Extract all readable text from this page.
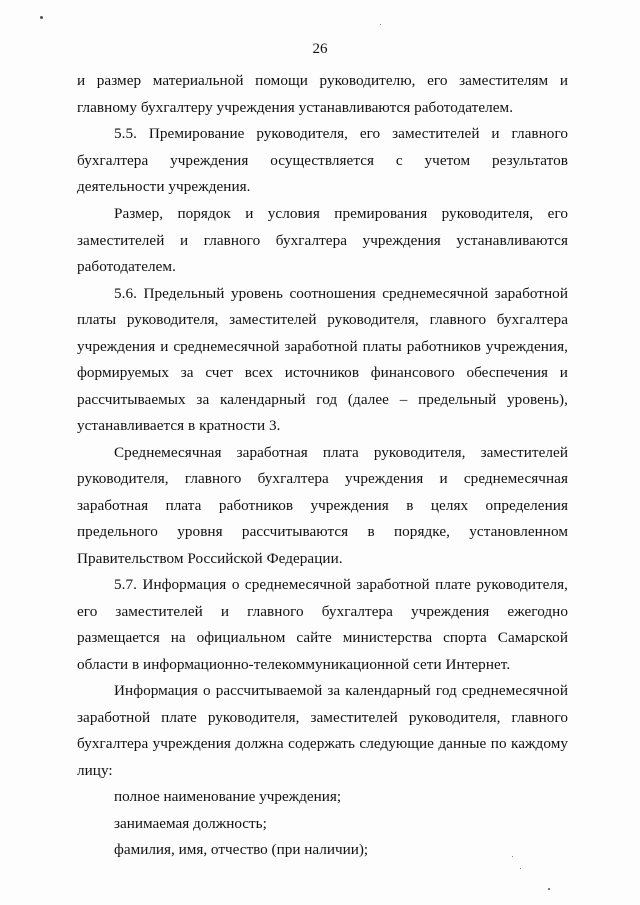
26

и размер материальной помощи руководителю, его заместителям и главному бухгалтеру учреждения устанавливаются работодателем.

5.5. Премирование руководителя, его заместителей и главного бухгалтера учреждения осуществляется с учетом результатов деятельности учреждения.

Размер, порядок и условия премирования руководителя, его заместителей и главного бухгалтера учреждения устанавливаются работодателем.

5.6. Предельный уровень соотношения среднемесячной заработной платы руководителя, заместителей руководителя, главного бухгалтера учреждения и среднемесячной заработной платы работников учреждения, формируемых за счет всех источников финансового обеспечения и рассчитываемых за календарный год (далее – предельный уровень), устанавливается в кратности 3.

Среднемесячная заработная плата руководителя, заместителей руководителя, главного бухгалтера учреждения и среднемесячная заработная плата работников учреждения в целях определения предельного уровня рассчитываются в порядке, установленном Правительством Российской Федерации.

5.7. Информация о среднемесячной заработной плате руководителя, его заместителей и главного бухгалтера учреждения ежегодно размещается на официальном сайте министерства спорта Самарской области в информационно-телекоммуникационной сети Интернет.

Информация о рассчитываемой за календарный год среднемесячной заработной плате руководителя, заместителей руководителя, главного бухгалтера учреждения должна содержать следующие данные по каждому лицу:

полное наименование учреждения;

занимаемая должность;

фамилия, имя, отчество (при наличии);
